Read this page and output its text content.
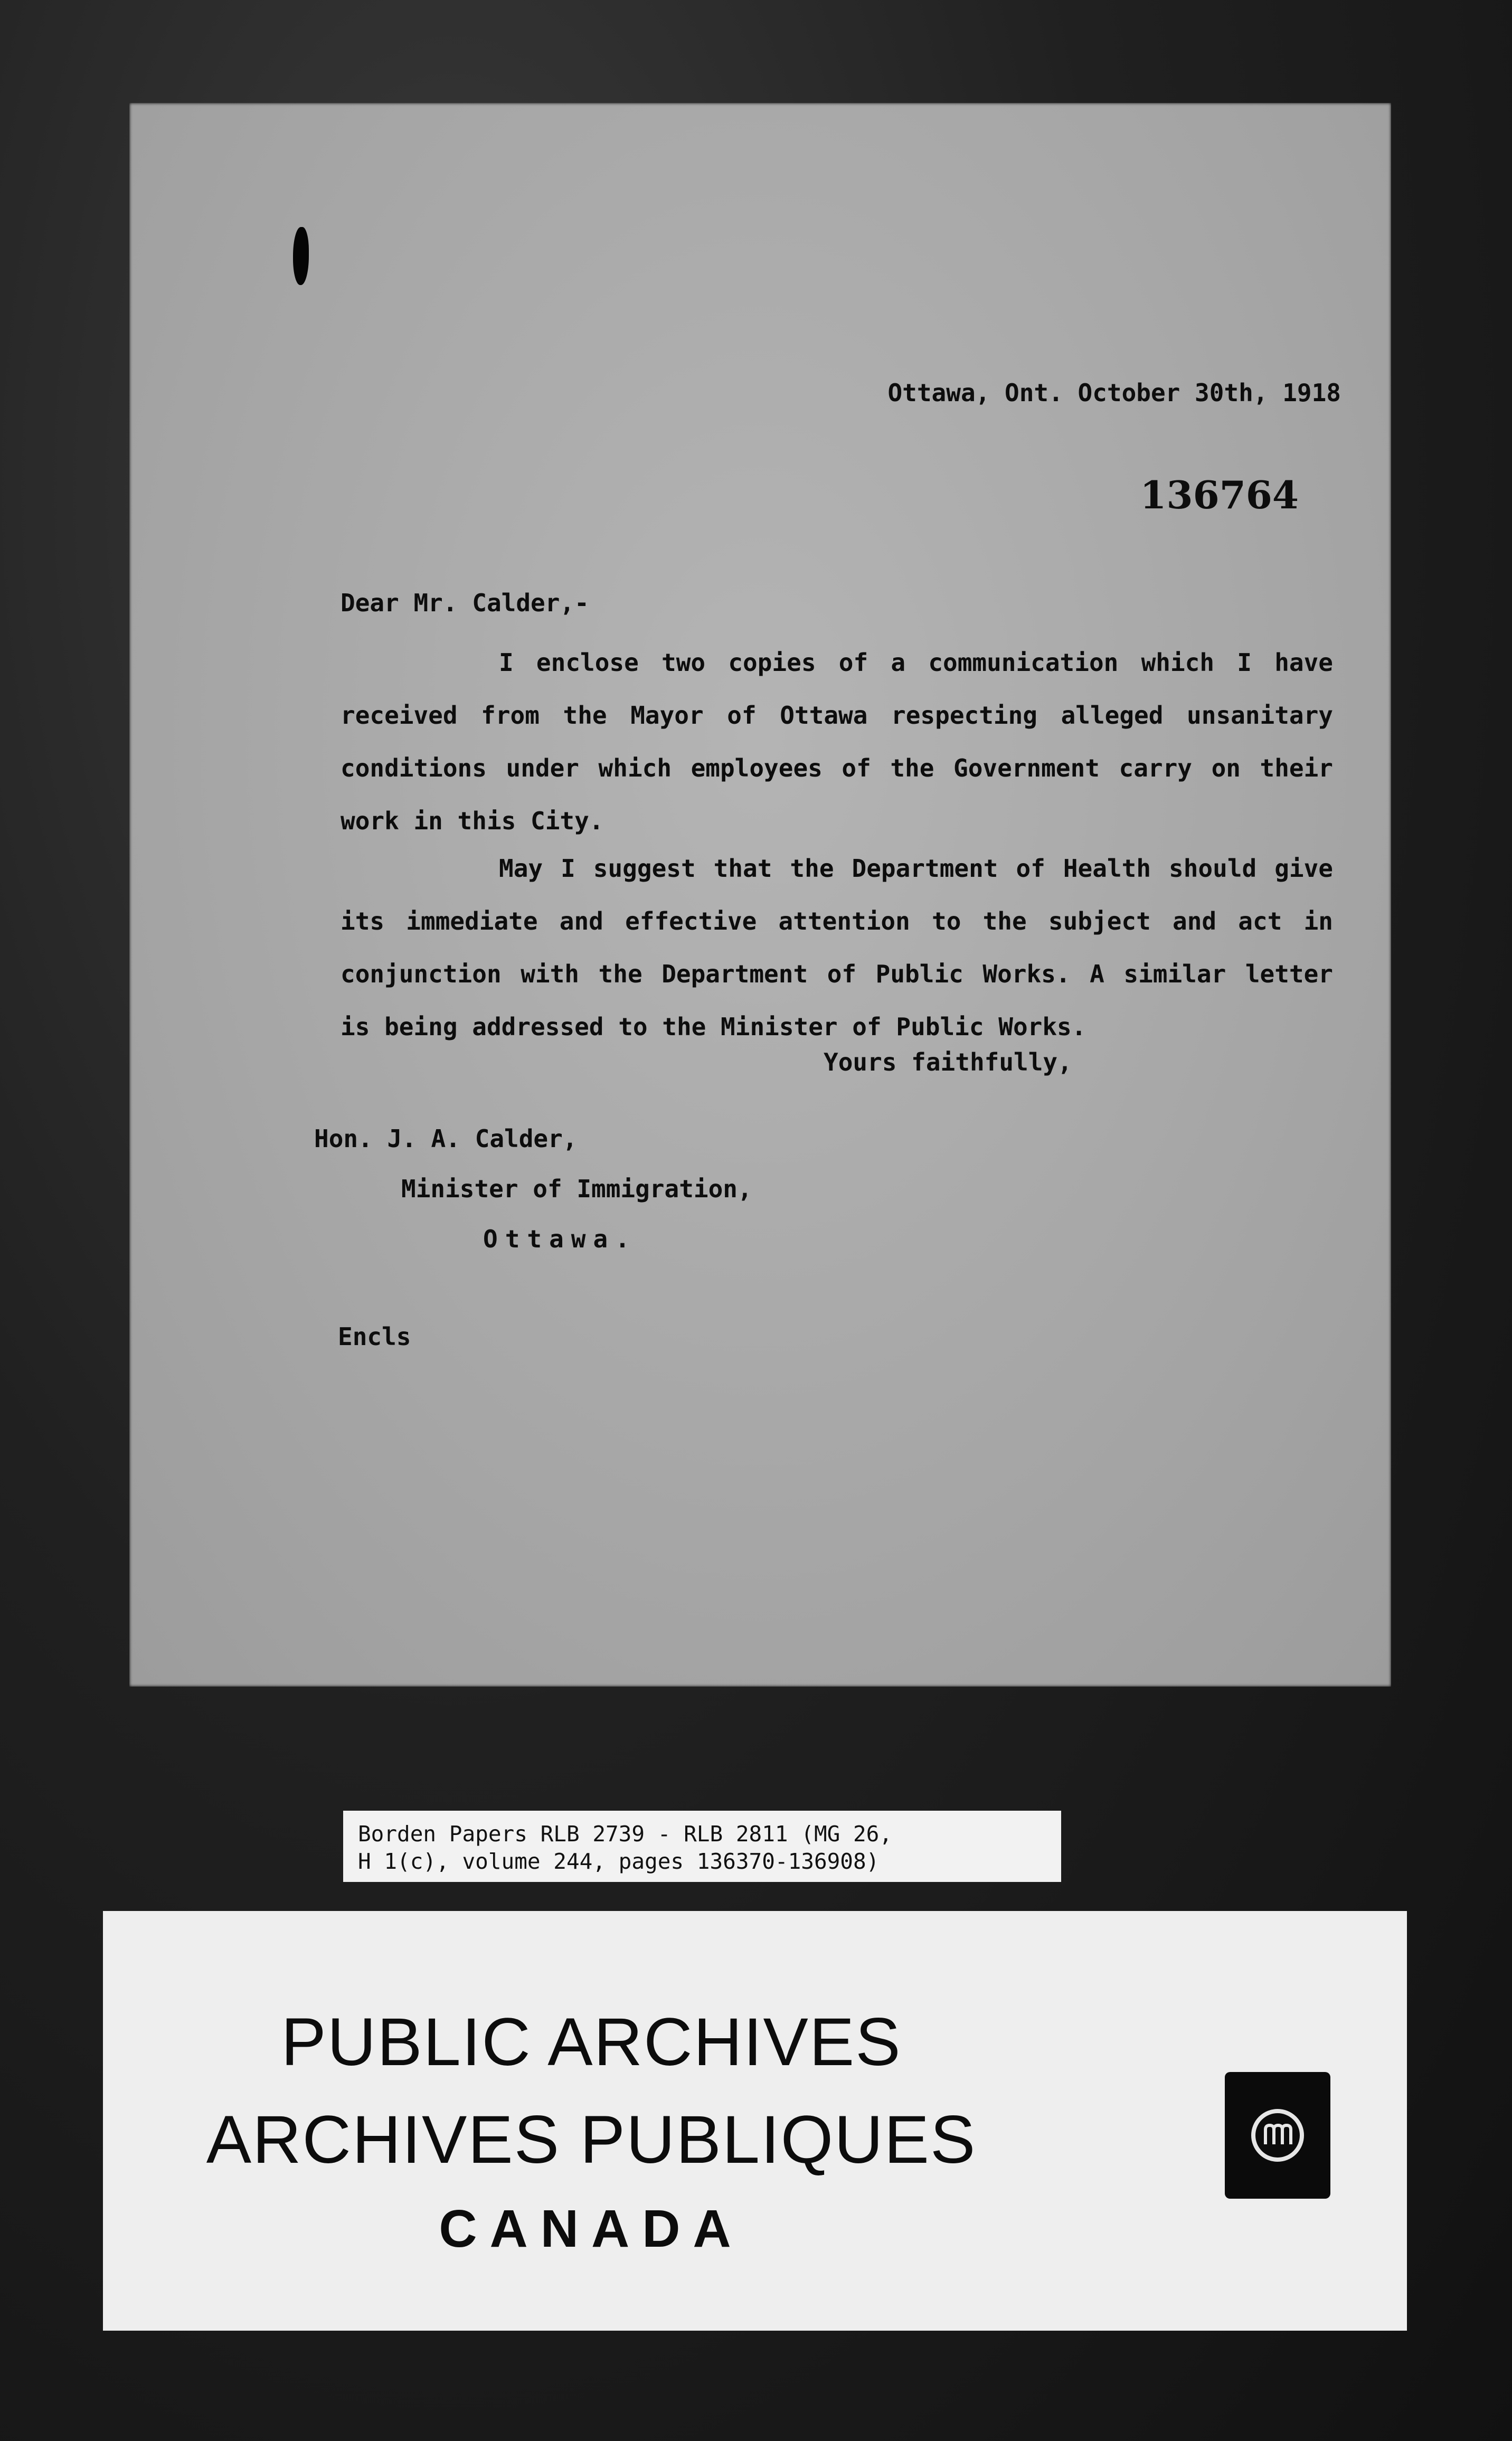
Ottawa, Ont. October 30th, 1918
136764
Dear Mr. Calder,-

I enclose two copies of a communication which I have received from the Mayor of Ottawa respecting alleged unsanitary conditions under which employees of the Government carry on their work in this City.

May I suggest that the Department of Health should give its immediate and effective attention to the subject and act in conjunction with the Department of Public Works. A similar letter is being addressed to the Minister of Public Works.

Yours faithfully,
Hon. J. A. Calder,
Minister of Immigration,
Ottawa.
Encls
Borden Papers RLB 2739 - RLB 2811 (MG 26,
H 1(c), volume 244, pages 136370-136908)
PUBLIC ARCHIVES
ARCHIVES PUBLIQUES
CANADA
